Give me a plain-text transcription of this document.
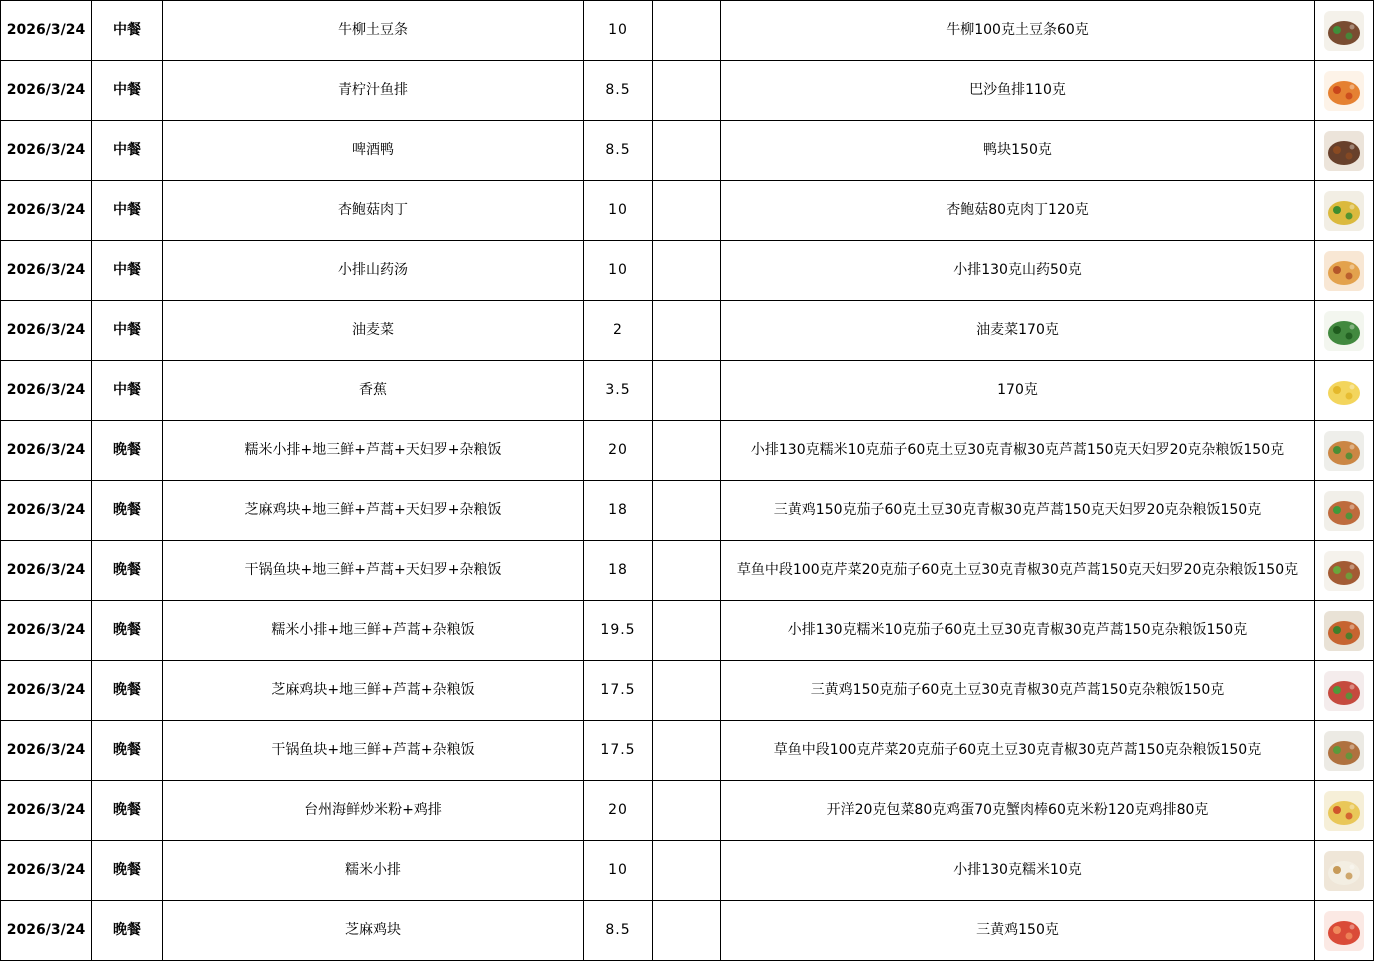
2026/3/24	中餐	牛柳土豆条	10		牛柳100克土豆条60克	

2026/3/24	中餐	青柠汁鱼排	8.5		巴沙鱼排110克	

2026/3/24	中餐	啤酒鸭	8.5		鸭块150克	

2026/3/24	中餐	杏鲍菇肉丁	10		杏鲍菇80克肉丁120克	

2026/3/24	中餐	小排山药汤	10		小排130克山药50克	

2026/3/24	中餐	油麦菜	2		油麦菜170克	

2026/3/24	中餐	香蕉	3.5		170克	

2026/3/24	晚餐	糯米小排+地三鲜+芦蒿+天妇罗+杂粮饭	20		小排130克糯米10克茄子60克土豆30克青椒30克芦蒿150克天妇罗20克杂粮饭150克	

2026/3/24	晚餐	芝麻鸡块+地三鲜+芦蒿+天妇罗+杂粮饭	18		三黄鸡150克茄子60克土豆30克青椒30克芦蒿150克天妇罗20克杂粮饭150克	

2026/3/24	晚餐	干锅鱼块+地三鲜+芦蒿+天妇罗+杂粮饭	18		草鱼中段100克芹菜20克茄子60克土豆30克青椒30克芦蒿150克天妇罗20克杂粮饭150克	

2026/3/24	晚餐	糯米小排+地三鲜+芦蒿+杂粮饭	19.5		小排130克糯米10克茄子60克土豆30克青椒30克芦蒿150克杂粮饭150克	

2026/3/24	晚餐	芝麻鸡块+地三鲜+芦蒿+杂粮饭	17.5		三黄鸡150克茄子60克土豆30克青椒30克芦蒿150克杂粮饭150克	

2026/3/24	晚餐	干锅鱼块+地三鲜+芦蒿+杂粮饭	17.5		草鱼中段100克芹菜20克茄子60克土豆30克青椒30克芦蒿150克杂粮饭150克	

2026/3/24	晚餐	台州海鲜炒米粉+鸡排	20		开洋20克包菜80克鸡蛋70克蟹肉棒60克米粉120克鸡排80克	

2026/3/24	晚餐	糯米小排	10		小排130克糯米10克	

2026/3/24	晚餐	芝麻鸡块	8.5		三黄鸡150克	
